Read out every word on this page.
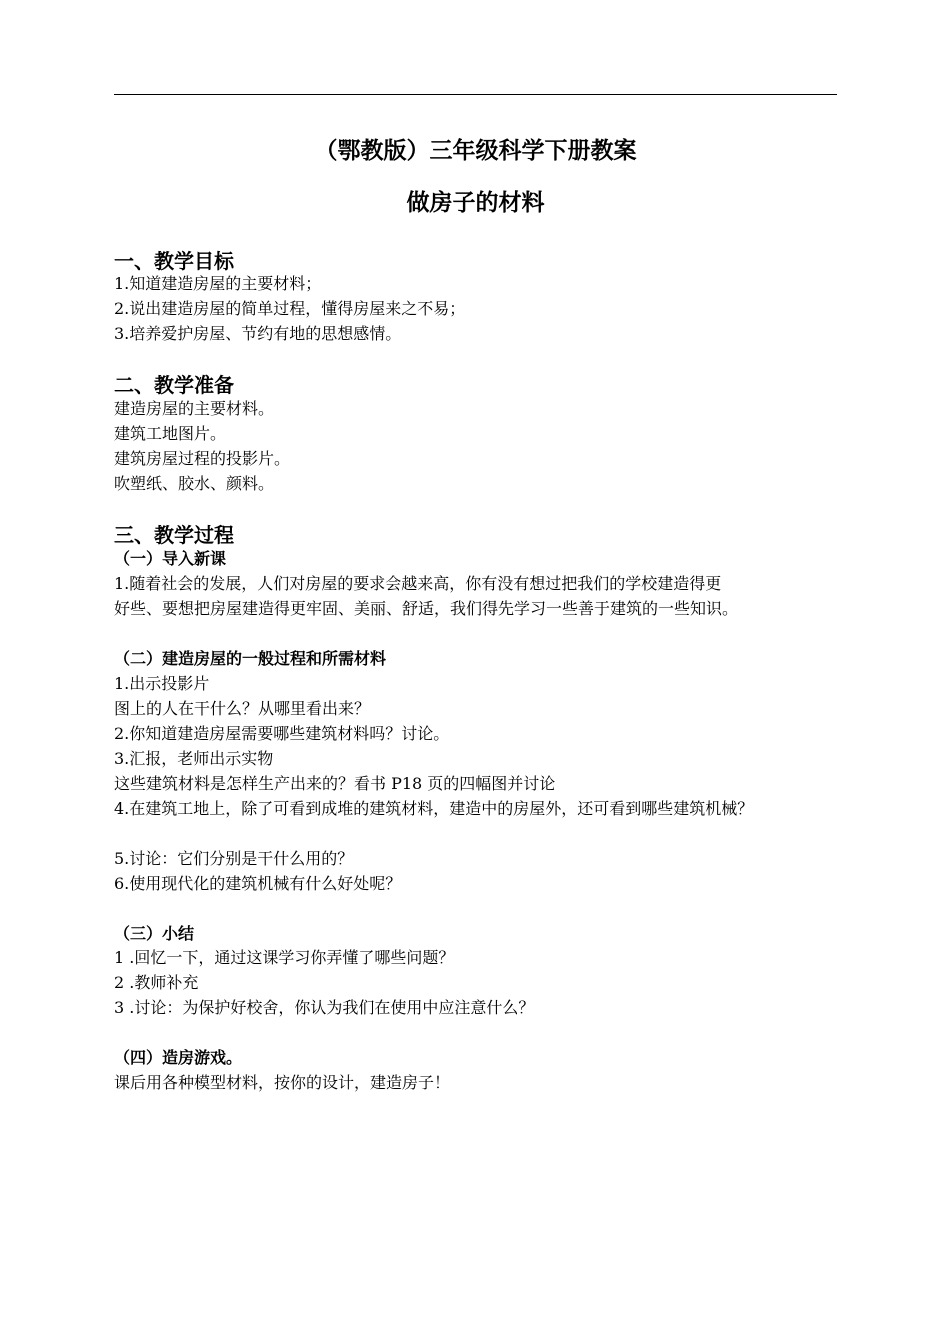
（鄂教版）三年级科学下册教案
做房子的材料
一、教学目标
1.知道建造房屋的主要材料；
2.说出建造房屋的简单过程，懂得房屋来之不易；
3.培养爱护房屋、节约有地的思想感情。
二、教学准备
建造房屋的主要材料。
建筑工地图片。
建筑房屋过程的投影片。
吹塑纸、胶水、颜料。
三、教学过程
（一）导入新课
1.随着社会的发展，人们对房屋的要求会越来高，你有没有想过把我们的学校建造得更
好些、要想把房屋建造得更牢固、美丽、舒适，我们得先学习一些善于建筑的一些知识。
（二）建造房屋的一般过程和所需材料
1.出示投影片
图上的人在干什么？从哪里看出来？
2.你知道建造房屋需要哪些建筑材料吗？讨论。
3.汇报，老师出示实物
这些建筑材料是怎样生产出来的？看书 P18 页的四幅图并讨论
4.在建筑工地上，除了可看到成堆的建筑材料，建造中的房屋外，还可看到哪些建筑机械？
5.讨论：它们分别是干什么用的？
6.使用现代化的建筑机械有什么好处呢？
（三）小结
1 .回忆一下，通过这课学习你弄懂了哪些问题？
2 .教师补充
3 .讨论：为保护好校舍，你认为我们在使用中应注意什么？
（四）造房游戏。
课后用各种模型材料，按你的设计，建造房子！
